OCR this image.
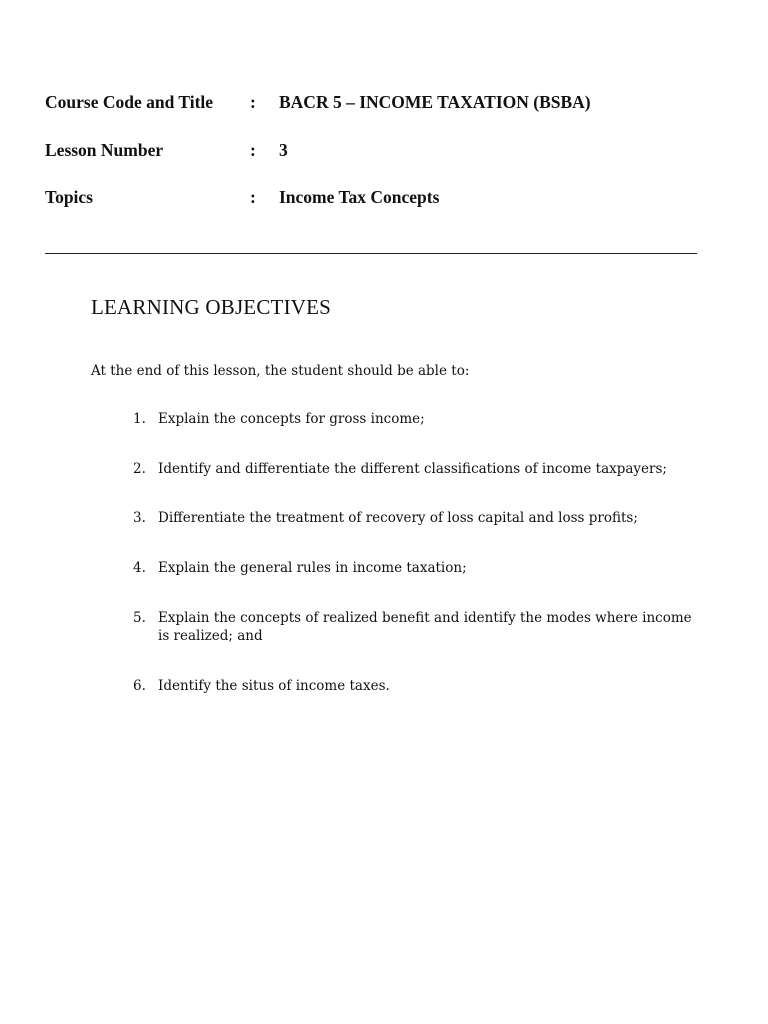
Course Code and Title : BACR 5 – INCOME TAXATION (BSBA)
Lesson Number	: 3
Topics	: Income Tax Concepts
LEARNING OBJECTIVES
At the end of this lesson, the student should be able to:
1. Explain the concepts for gross income;
2. Identify and differentiate the different classifications of income taxpayers;
3. Differentiate the treatment of recovery of loss capital and loss profits;
4. Explain the general rules in income taxation;
5. Explain the concepts of realized benefit and identify the modes where income is realized; and
6. Identify the situs of income taxes.
